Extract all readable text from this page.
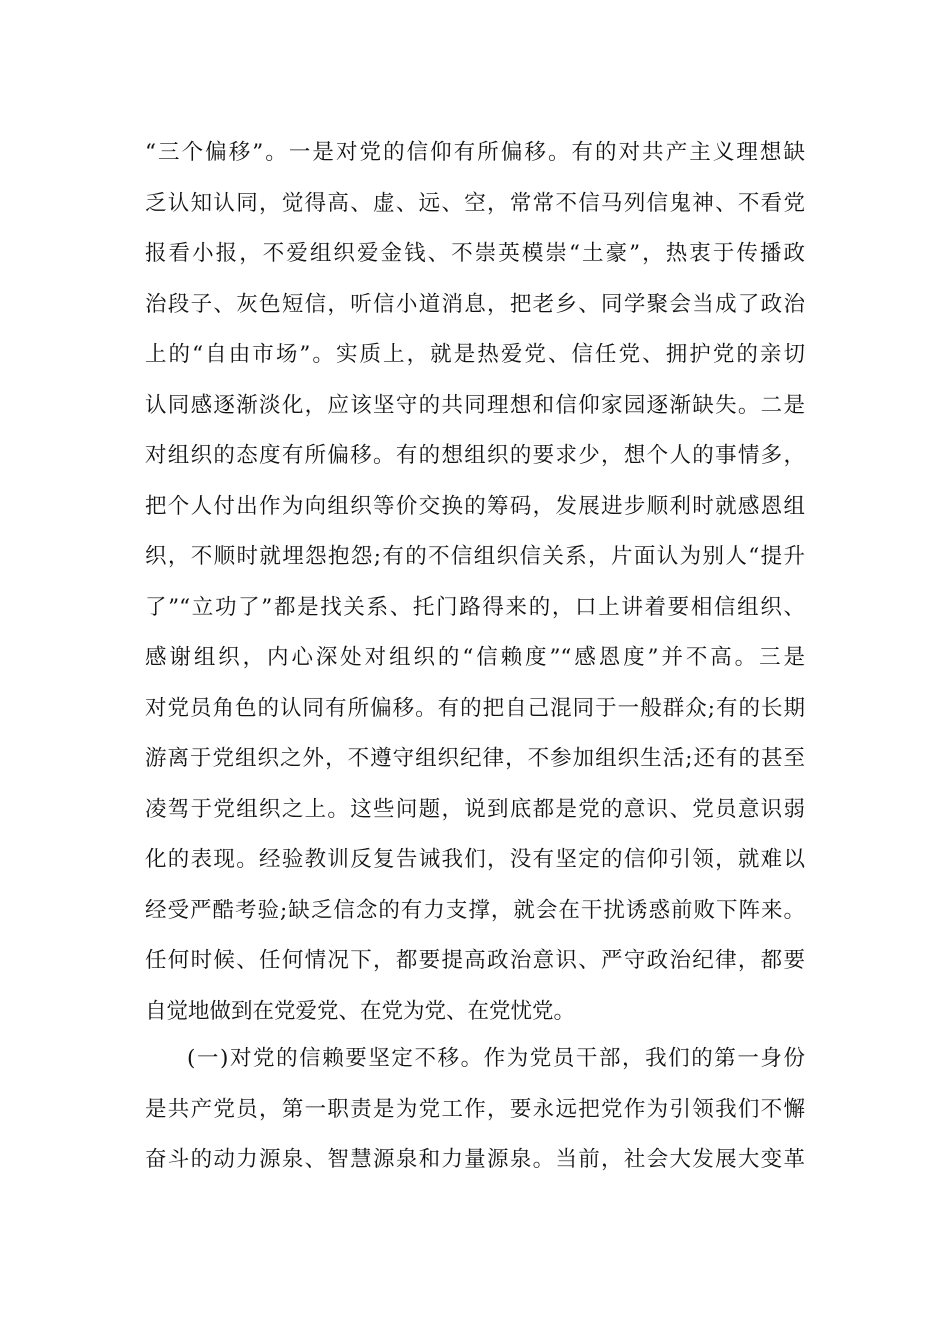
“三个偏移”。一是对党的信仰有所偏移。有的对共产主义理想缺
乏认知认同，觉得高、虚、远、空，常常不信马列信鬼神、不看党
报看小报，不爱组织爱金钱、不崇英模崇“土豪”，热衷于传播政
治段子、灰色短信，听信小道消息，把老乡、同学聚会当成了政治
上的“自由市场”。实质上，就是热爱党、信任党、拥护党的亲切
认同感逐渐淡化，应该坚守的共同理想和信仰家园逐渐缺失。二是
对组织的态度有所偏移。有的想组织的要求少，想个人的事情多，
把个人付出作为向组织等价交换的筹码，发展进步顺利时就感恩组
织，不顺时就埋怨抱怨;有的不信组织信关系，片面认为别人“提升
了”“立功了”都是找关系、托门路得来的，口上讲着要相信组织、
感谢组织，内心深处对组织的“信赖度”“感恩度”并不高。三是
对党员角色的认同有所偏移。有的把自己混同于一般群众;有的长期
游离于党组织之外，不遵守组织纪律，不参加组织生活;还有的甚至
凌驾于党组织之上。这些问题，说到底都是党的意识、党员意识弱
化的表现。经验教训反复告诫我们，没有坚定的信仰引领，就难以
经受严酷考验;缺乏信念的有力支撑，就会在干扰诱惑前败下阵来。
任何时候、任何情况下，都要提高政治意识、严守政治纪律，都要
自觉地做到在党爱党、在党为党、在党忧党。
(一)对党的信赖要坚定不移。作为党员干部，我们的第一身份
是共产党员，第一职责是为党工作，要永远把党作为引领我们不懈
奋斗的动力源泉、智慧源泉和力量源泉。当前，社会大发展大变革
